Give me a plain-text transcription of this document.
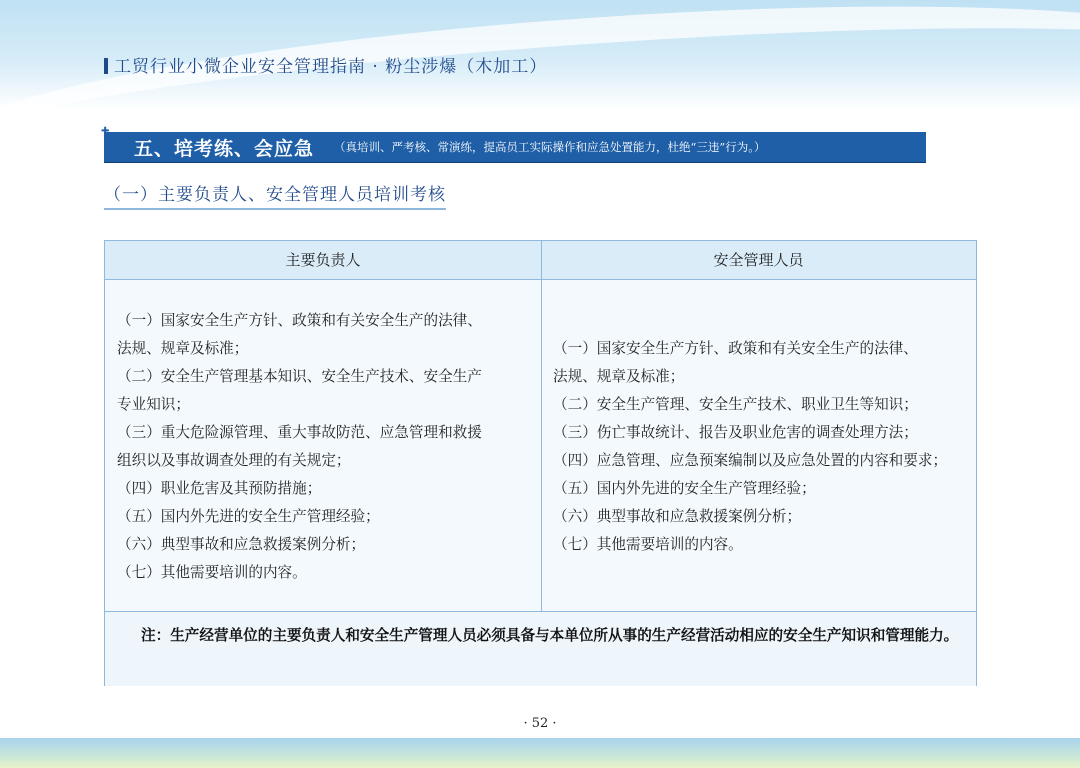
工贸行业小微企业安全管理指南 · 粉尘涉爆（木加工）
✚
五、培考练、会应急 （真培训、严考核、常演练，提高员工实际操作和应急处置能力，杜绝“三违”行为。）
（一）主要负责人、安全管理人员培训考核
主要负责人	安全管理人员
（一）国家安全生产方针、政策和有关安全生产的法律、
法规、规章及标准；
（二）安全生产管理基本知识、安全生产技术、安全生产
专业知识；
（三）重大危险源管理、重大事故防范、应急管理和救援
组织以及事故调查处理的有关规定；
（四）职业危害及其预防措施；
（五）国内外先进的安全生产管理经验；
（六）典型事故和应急救援案例分析；
（七）其他需要培训的内容。
（一）国家安全生产方针、政策和有关安全生产的法律、
法规、规章及标准；
（二）安全生产管理、安全生产技术、职业卫生等知识；
（三）伤亡事故统计、报告及职业危害的调查处理方法；
（四）应急管理、应急预案编制以及应急处置的内容和要求；
（五）国内外先进的安全生产管理经验；
（六）典型事故和应急救援案例分析；
（七）其他需要培训的内容。
注：生产经营单位的主要负责人和安全生产管理人员必须具备与本单位所从事的生产经营活动相应的安全生产知识和管理能力。
· 52 ·
